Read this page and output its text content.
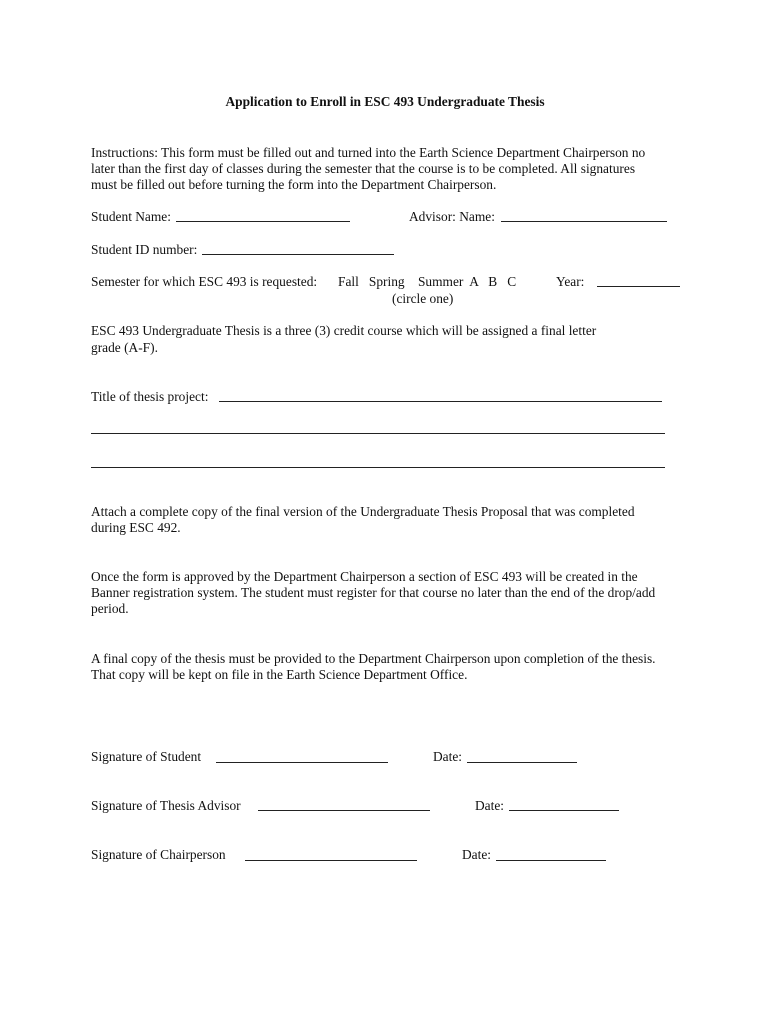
Application to Enroll in ESC 493 Undergraduate Thesis
Instructions: This form must be filled out and turned into the Earth Science Department Chairperson no
later than the first day of classes during the semester that the course is to be completed. All signatures
must be filled out before turning the form into the Department Chairperson.
Student Name:	Advisor: Name:
Student ID number:
Semester for which ESC 493 is requested: Fall   Spring    Summer  A   B   C
(circle one)
Year:
ESC 493 Undergraduate Thesis is a three (3) credit course which will be assigned a final letter
grade (A-F).
Title of thesis project:
Attach a complete copy of the final version of the Undergraduate Thesis Proposal that was completed
during ESC 492.
Once the form is approved by the Department Chairperson a section of ESC 493 will be created in the
Banner registration system. The student must register for that course no later than the end of the drop/add
period.
A final copy of the thesis must be provided to the Department Chairperson upon completion of the thesis.
That copy will be kept on file in the Earth Science Department Office.
Signature of Student	Date:
Signature of Thesis Advisor	Date:
Signature of Chairperson	Date:
